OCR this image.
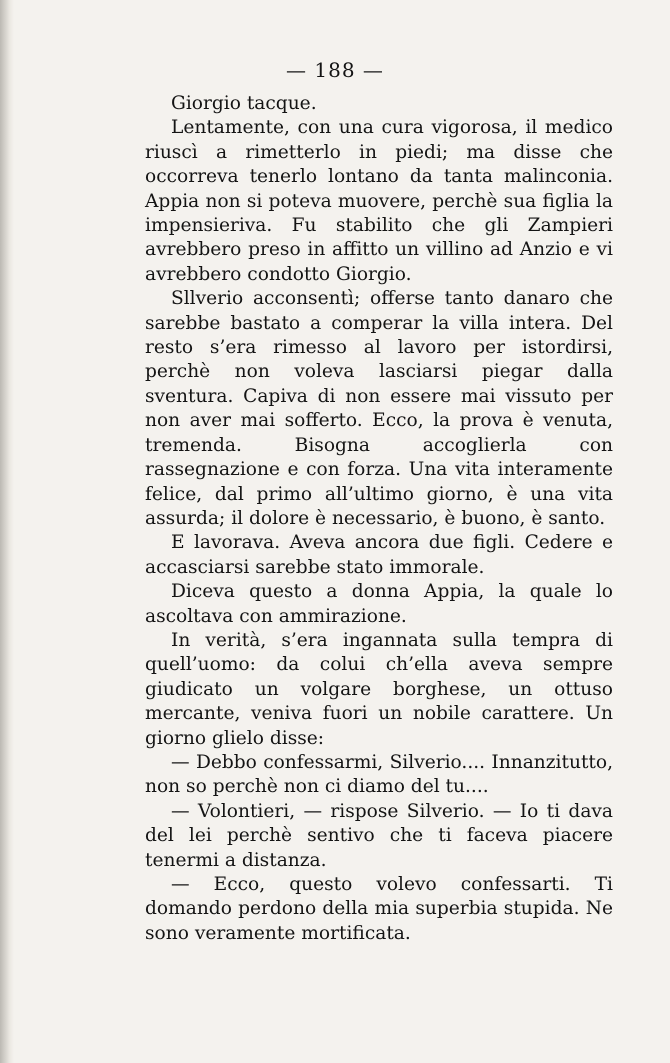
— 188 —

Giorgio tacque.

Lentamente, con una cura vigorosa, il medico riuscì a rimetterlo in piedi; ma disse che occorreva tenerlo lontano da tanta malinconia. Appia non si poteva muovere, perchè sua figlia la impensieriva. Fu stabilito che gli Zampieri avrebbero preso in affitto un villino ad Anzio e vi avrebbero condotto Giorgio.

Sllverio acconsentì; offerse tanto danaro che sarebbe bastato a comperar la villa intera. Del resto s’era rimesso al lavoro per istordirsi, perchè non voleva lasciarsi piegar dalla sventura. Capiva di non essere mai vissuto per non aver mai sofferto. Ecco, la prova è venuta, tremenda. Bisogna accoglierla con rassegnazione e con forza. Una vita interamente felice, dal primo all’ultimo giorno, è una vita assurda; il dolore è necessario, è buono, è santo.

E lavorava. Aveva ancora due figli. Cedere e accasciarsi sarebbe stato immorale.

Diceva questo a donna Appia, la quale lo ascoltava con ammirazione.

In verità, s’era ingannata sulla tempra di quell’uomo: da colui ch’ella aveva sempre giudicato un volgare borghese, un ottuso mercante, veniva fuori un nobile carattere. Un giorno glielo disse:

— Debbo confessarmi, Silverio.... Innanzitutto, non so perchè non ci diamo del tu....

— Volontieri, — rispose Silverio. — Io ti dava del lei perchè sentivo che ti faceva piacere tenermi a distanza.

— Ecco, questo volevo confessarti. Ti domando perdono della mia superbia stupida. Ne sono veramente mortificata.
